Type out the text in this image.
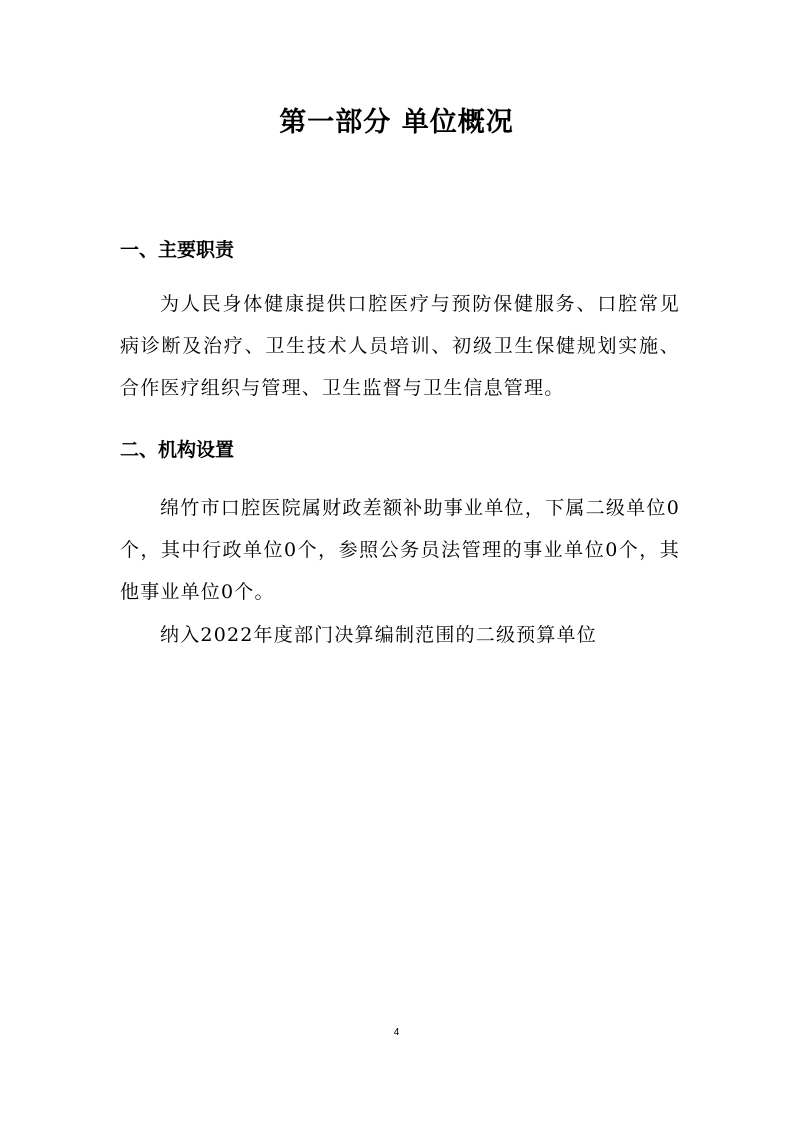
第一部分 单位概况
一、主要职责

为人民身体健康提供口腔医疗与预防保健服务、口腔常见病诊断及治疗、卫生技术人员培训、初级卫生保健规划实施、合作医疗组织与管理、卫生监督与卫生信息管理。

二、机构设置

绵竹市口腔医院属财政差额补助事业单位，下属二级单位0个，其中行政单位0个，参照公务员法管理的事业单位0个，其他事业单位0个。

纳入2022年度部门决算编制范围的二级预算单位

4
